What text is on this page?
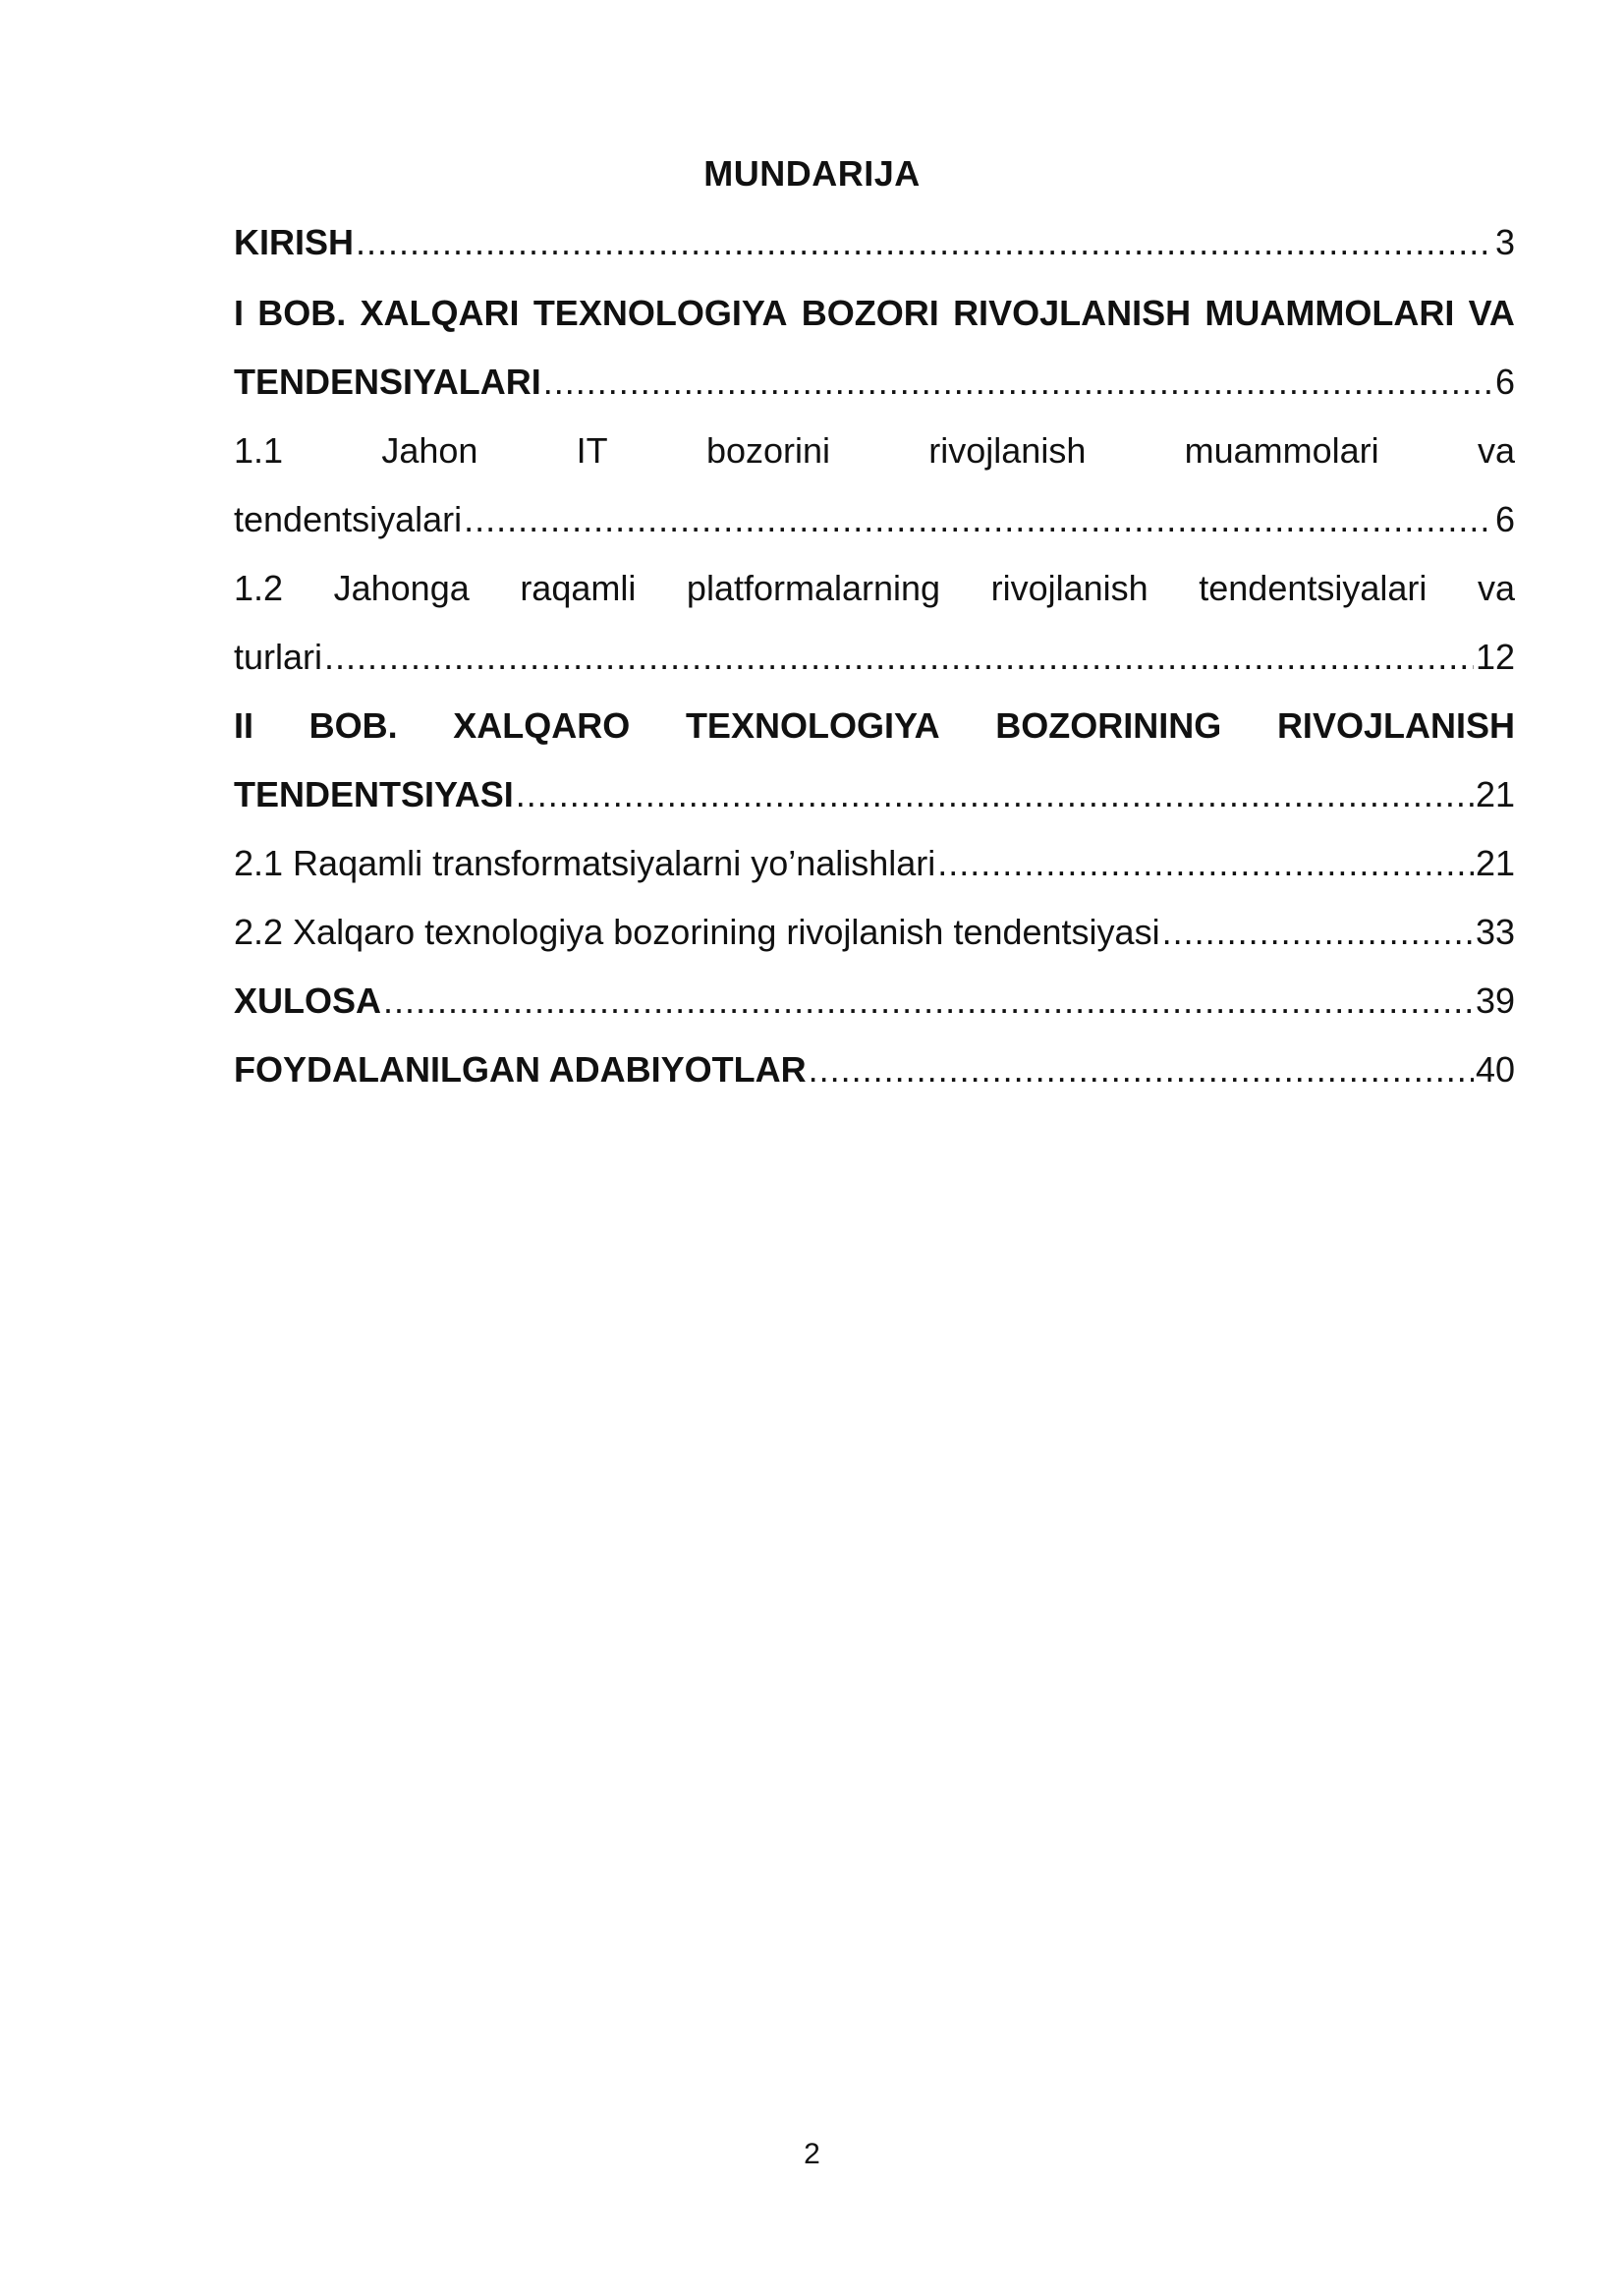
MUNDARIJA
KIRISH .....	3
I BOB. XALQARI TEXNOLOGIYA BOZORI RIVOJLANISH MUAMMOLARI VA
TENDENSIYALARI .....	6
1.1	Jahon	IT	bozorini	rivojlanish	muammolari	va
tendentsiyalari .....	6
1.2 Jahonga raqamli platformalarning rivojlanish tendentsiyalari va
turlari .....	12
II BOB. XALQARO TEXNOLOGIYA BOZORINING RIVOJLANISH
TENDENTSIYASI .....	21
2.1 Raqamli transformatsiyalarni yo’nalishlari .....	21
2.2 Xalqaro texnologiya bozorining rivojlanish tendentsiyasi .....	33
XULOSA .....	39
FOYDALANILGAN ADABIYOTLAR .....	40
2
